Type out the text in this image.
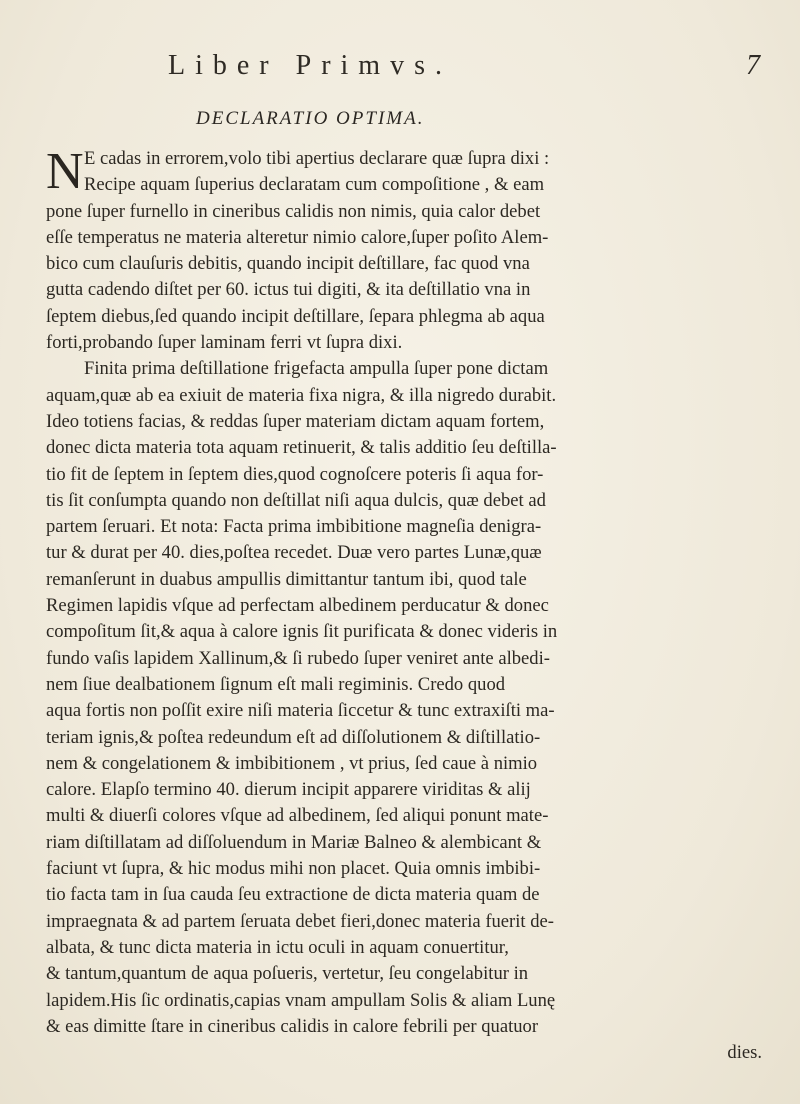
Liber Primvs.	7
DECLARATIO OPTIMA.
N E cadas in errorem,volo tibi apertius declarare quæ ſupra dixi :
Recipe aquam ſuperius declaratam cum compoſitione , & eam
pone ſuper furnello in cineribus calidis non nimis, quia calor debet
eſſe temperatus ne materia alteretur nimio calore,ſuper poſito Alem-
bico cum clauſuris debitis, quando incipit deſtillare, fac quod vna
gutta cadendo diſtet per 60. ictus tui digiti, & ita deſtillatio vna in
ſeptem diebus,ſed quando incipit deſtillare, ſepara phlegma ab aqua
forti,probando ſuper laminam ferri vt ſupra dixi.
Finita prima deſtillatione frigefacta ampulla ſuper pone dictam
aquam,quæ ab ea exiuit de materia fixa nigra, & illa nigredo durabit.
Ideo totiens facias, & reddas ſuper materiam dictam aquam fortem,
donec dicta materia tota aquam retinuerit, & talis additio ſeu deſtilla-
tio fit de ſeptem in ſeptem dies,quod cognoſcere poteris ſi aqua for-
tis ſit conſumpta quando non deſtillat niſi aqua dulcis, quæ debet ad
partem ſeruari. Et nota: Facta prima imbibitione magneſia denigra-
tur & durat per 40. dies,poſtea recedet. Duæ vero partes Lunæ,quæ
remanſerunt in duabus ampullis dimittantur tantum ibi, quod tale
Regimen lapidis vſque ad perfectam albedinem perducatur & donec
compoſitum ſit,& aqua à calore ignis ſit purificata & donec videris in
fundo vaſis lapidem Xallinum,& ſi rubedo ſuper veniret ante albedi-
nem ſiue dealbationem ſignum eſt mali regiminis. Credo quod
aqua fortis non poſſit exire niſi materia ſiccetur & tunc extraxiſti ma-
teriam ignis,& poſtea redeundum eſt ad diſſolutionem & diſtillatio-
nem & congelationem & imbibitionem , vt prius, ſed caue à nimio
calore. Elapſo termino 40. dierum incipit apparere viriditas & alij
multi & diuerſi colores vſque ad albedinem, ſed aliqui ponunt mate-
riam diſtillatam ad diſſoluendum in Mariæ Balneo & alembicant &
faciunt vt ſupra, & hic modus mihi non placet. Quia omnis imbibi-
tio facta tam in ſua cauda ſeu extractione de dicta materia quam de
impraegnata & ad partem ſeruata debet fieri,donec materia fuerit de-
albata, & tunc dicta materia in ictu oculi in aquam conuertitur,
& tantum,quantum de aqua poſueris, vertetur, ſeu congelabitur in
lapidem.His ſic ordinatis,capias vnam ampullam Solis & aliam Lunę
& eas dimitte ſtare in cineribus calidis in calore febrili per quatuor
dies.
